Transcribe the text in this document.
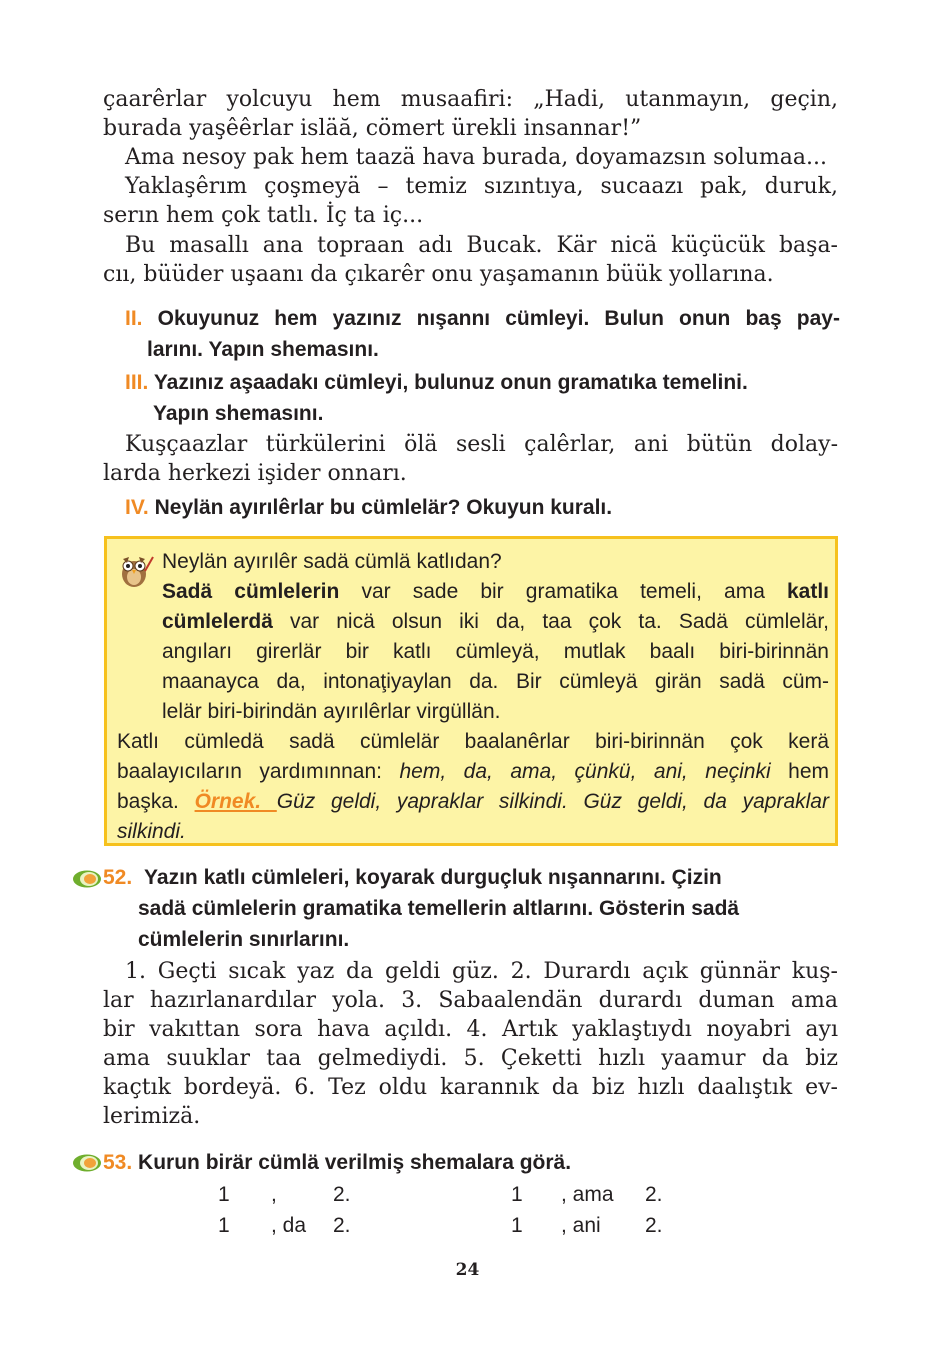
çaarêrlar yolcuyu hem musaafiri: „Hadi, utanmayın, geçin,
burada yaşêêrlar isläă, cömert ürekli insannar!”
Ama nesoy pak hem taazä hava burada, doyamazsın solumaa...
Yaklaşêrım çoşmeyä – temiz sızıntıya, sucaazı pak, duruk,
serın hem çok tatlı. İç ta iç...
Bu masallı ana topraan adı Bucak. Kär nicä küçücük başa-
cıı, büüder uşaanı da çıkarêr onu yaşamanın büük yollarına.
II. Okuyunuz hem yazınız nışannı cümleyi. Bulun onun baş pay-
larını. Yapın shemasını.
III. Yazınız aşaadakı cümleyi, bulunuz onun gramatıka temelini.
Yapın shemasını.
Kuşçaazlar türkülerini ölä sesli çalêrlar, ani bütün dolay-
larda herkezi işider onnarı.
IV. Neylän ayırılêrlar bu cümlelär? Okuyun kuralı.
Neylän ayırılêr sadä cümlä katlıdan?
Sadä cümlelerin var sade bir gramatika temeli, ama katlı
cümlelerdä var nicä olsun iki da, taa çok ta. Sadä cümlelär,
angıları girerlär bir katlı cümleyä, mutlak baalı biri-birinnän
maanayca da, intonaţiyaylan da. Bir cümleyä girän sadä cüm-
lelär biri-birindän ayırılêrlar virgüllän.
Katlı cümledä sadä cümlelär baalanêrlar biri-birinnän çok kerä
baalayıcıların yardımınnan: hem, da, ama, çünkü, ani, neçinki hem
başka. Örnek. Güz geldi, yapraklar silkindi. Güz geldi, da yapraklar
silkindi.
52. Yazın katlı cümleleri, koyarak durguçluk nışannarını. Çizin
sadä cümlelerin gramatika temellerin altlarını. Gösterin sadä
cümlelerin sınırlarını.
1. Geçti sıcak yaz da geldi güz. 2. Durardı açık günnär kuş-
lar hazırlanardılar yola. 3. Sabaalendän durardı duman ama
bir vakıttan sora hava açıldı. 4. Artık yaklaştıydı noyabri ayı
ama suuklar taa gelmediydi. 5. Çeketti hızlı yaamur da biz
kaçtık bordeyä. 6. Tez oldu karannık da biz hızlı daalıştık ev-
lerimizä.
53. Kurun birär cümlä verilmiş shemalara görä.
1 ,	2.	1 , ama 2.
1 , da 2.	1 , ani 2.
24
